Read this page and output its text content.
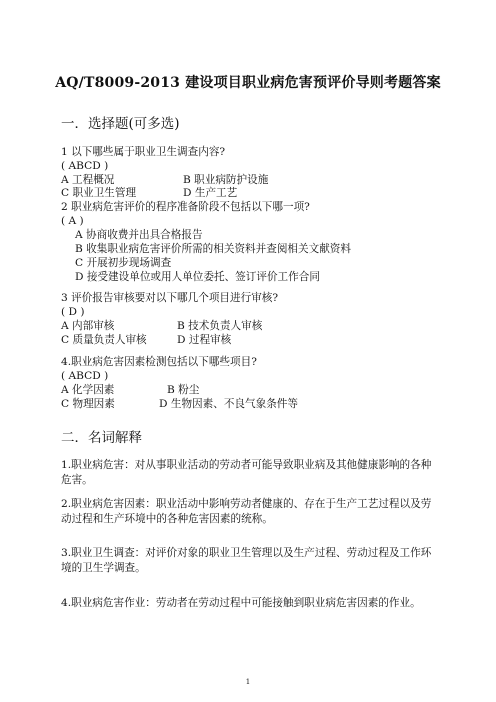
AQ/T8009-2013 建设项目职业病危害预评价导则考题答案
一．选择题(可多选)
1 以下哪些属于职业卫生调查内容?
( ABCD )
A 工程概况	B 职业病防护设施
C 职业卫生管理	D 生产工艺
2 职业病危害评价的程序准备阶段不包括以下哪一项?
( A )
A 协商收费并出具合格报告
B 收集职业病危害评价所需的相关资料并查阅相关文献资料
C 开展初步现场调查
D 接受建设单位或用人单位委托、签订评价工作合同
3 评价报告审核要对以下哪几个项目进行审核?
( D )
A 内部审核	B 技术负责人审核
C 质量负责人审核	D 过程审核
4.职业病危害因素检测包括以下哪些项目?
( ABCD )
A 化学因素	B 粉尘
C 物理因素	D 生物因素、不良气象条件等
二．名词解释
1.职业病危害：对从事职业活动的劳动者可能导致职业病及其他健康影响的各种危害。
2.职业病危害因素：职业活动中影响劳动者健康的、存在于生产工艺过程以及劳动过程和生产环境中的各种危害因素的统称。
3.职业卫生调查：对评价对象的职业卫生管理以及生产过程、劳动过程及工作环境的卫生学调查。
4.职业病危害作业：劳动者在劳动过程中可能接触到职业病危害因素的作业。
1
